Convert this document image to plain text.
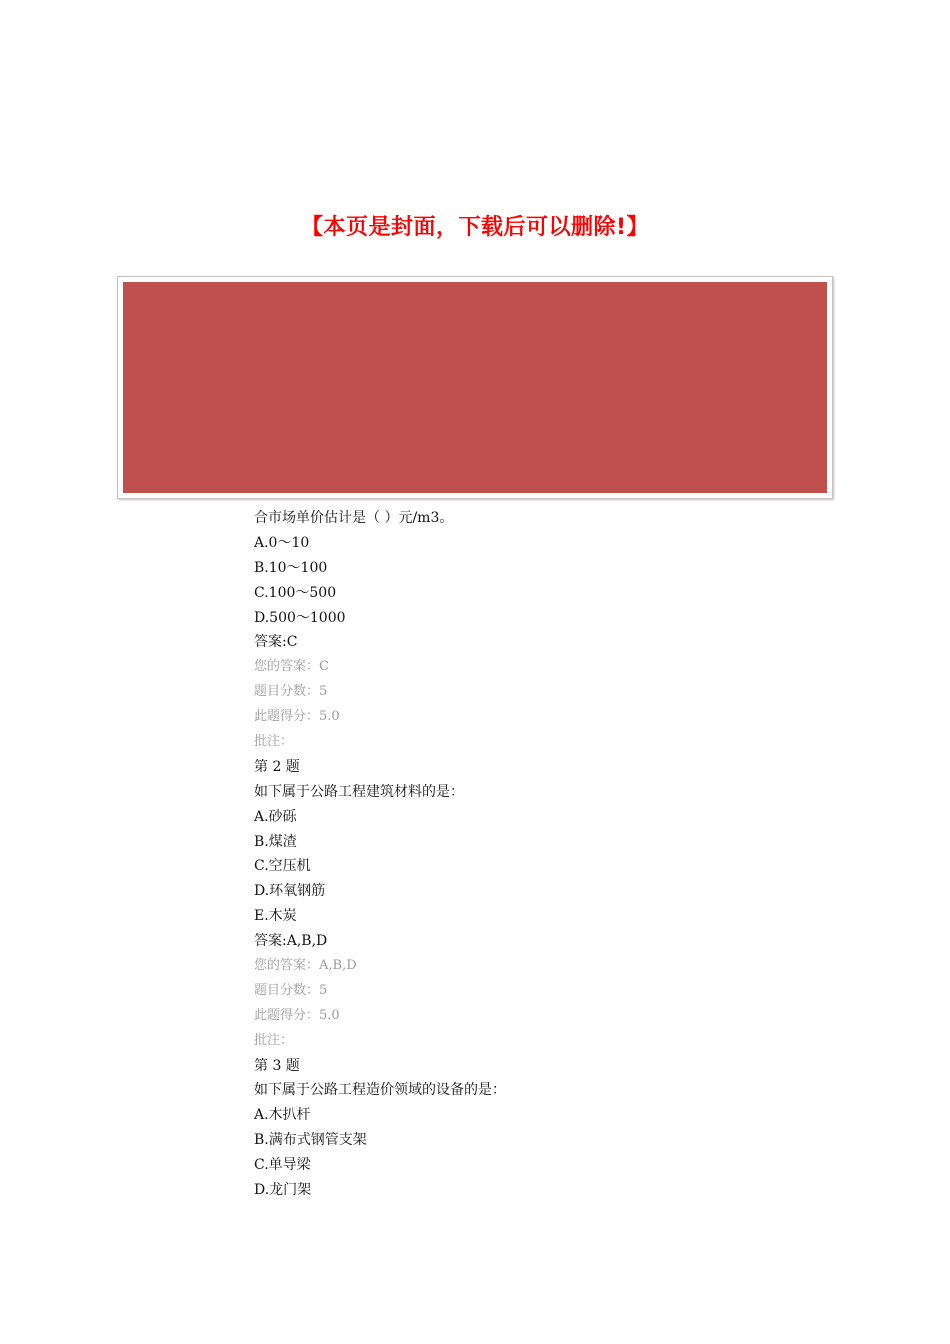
【本页是封面，下载后可以删除!】
合市场单价估计是（ ）元/m3。
A.0～10
B.10～100
C.100～500
D.500～1000
答案:C
您的答案：C
题目分数：5
此题得分：5.0
批注：
第 2 题
如下属于公路工程建筑材料的是：
A.砂砾
B.煤渣
C.空压机
D.环氧钢筋
E.木炭
答案:A,B,D
您的答案：A,B,D
题目分数：5
此题得分：5.0
批注：
第 3 题
如下属于公路工程造价领域的设备的是：
A.木扒杆
B.满布式钢管支架
C.单导梁
D.龙门架
